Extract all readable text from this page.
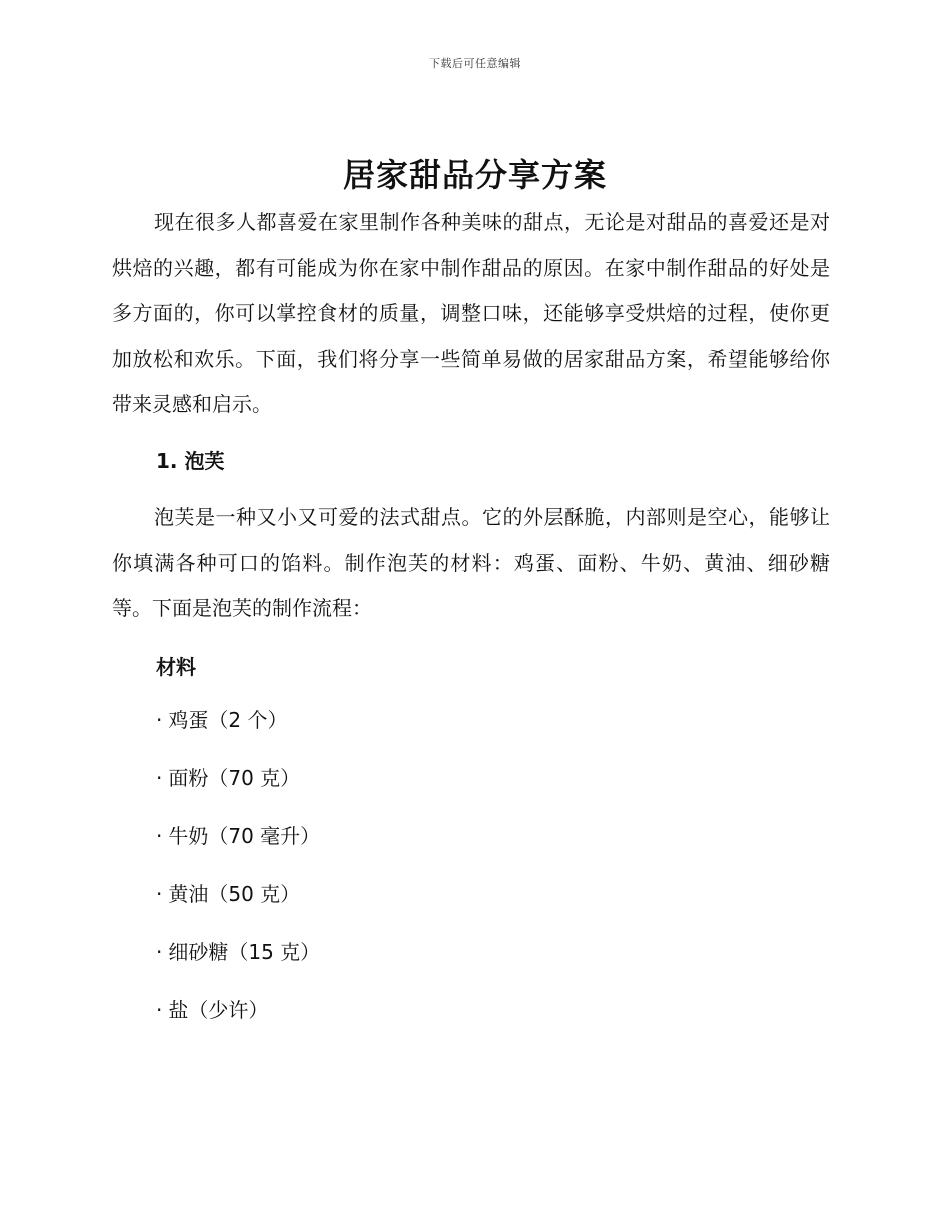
下载后可任意编辑
居家甜品分享方案

现在很多人都喜爱在家里制作各种美味的甜点，无论是对甜品的喜爱还是对烘焙的兴趣，都有可能成为你在家中制作甜品的原因。在家中制作甜品的好处是多方面的，你可以掌控食材的质量，调整口味，还能够享受烘焙的过程，使你更加放松和欢乐。下面，我们将分享一些简单易做的居家甜品方案，希望能够给你带来灵感和启示。

1. 泡芙

泡芙是一种又小又可爱的法式甜点。它的外层酥脆，内部则是空心，能够让你填满各种可口的馅料。制作泡芙的材料：鸡蛋、面粉、牛奶、黄油、细砂糖等。下面是泡芙的制作流程：

材料
· 鸡蛋（2 个）
· 面粉（70 克）
· 牛奶（70 毫升）
· 黄油（50 克）
· 细砂糖（15 克）
· 盐（少许）
